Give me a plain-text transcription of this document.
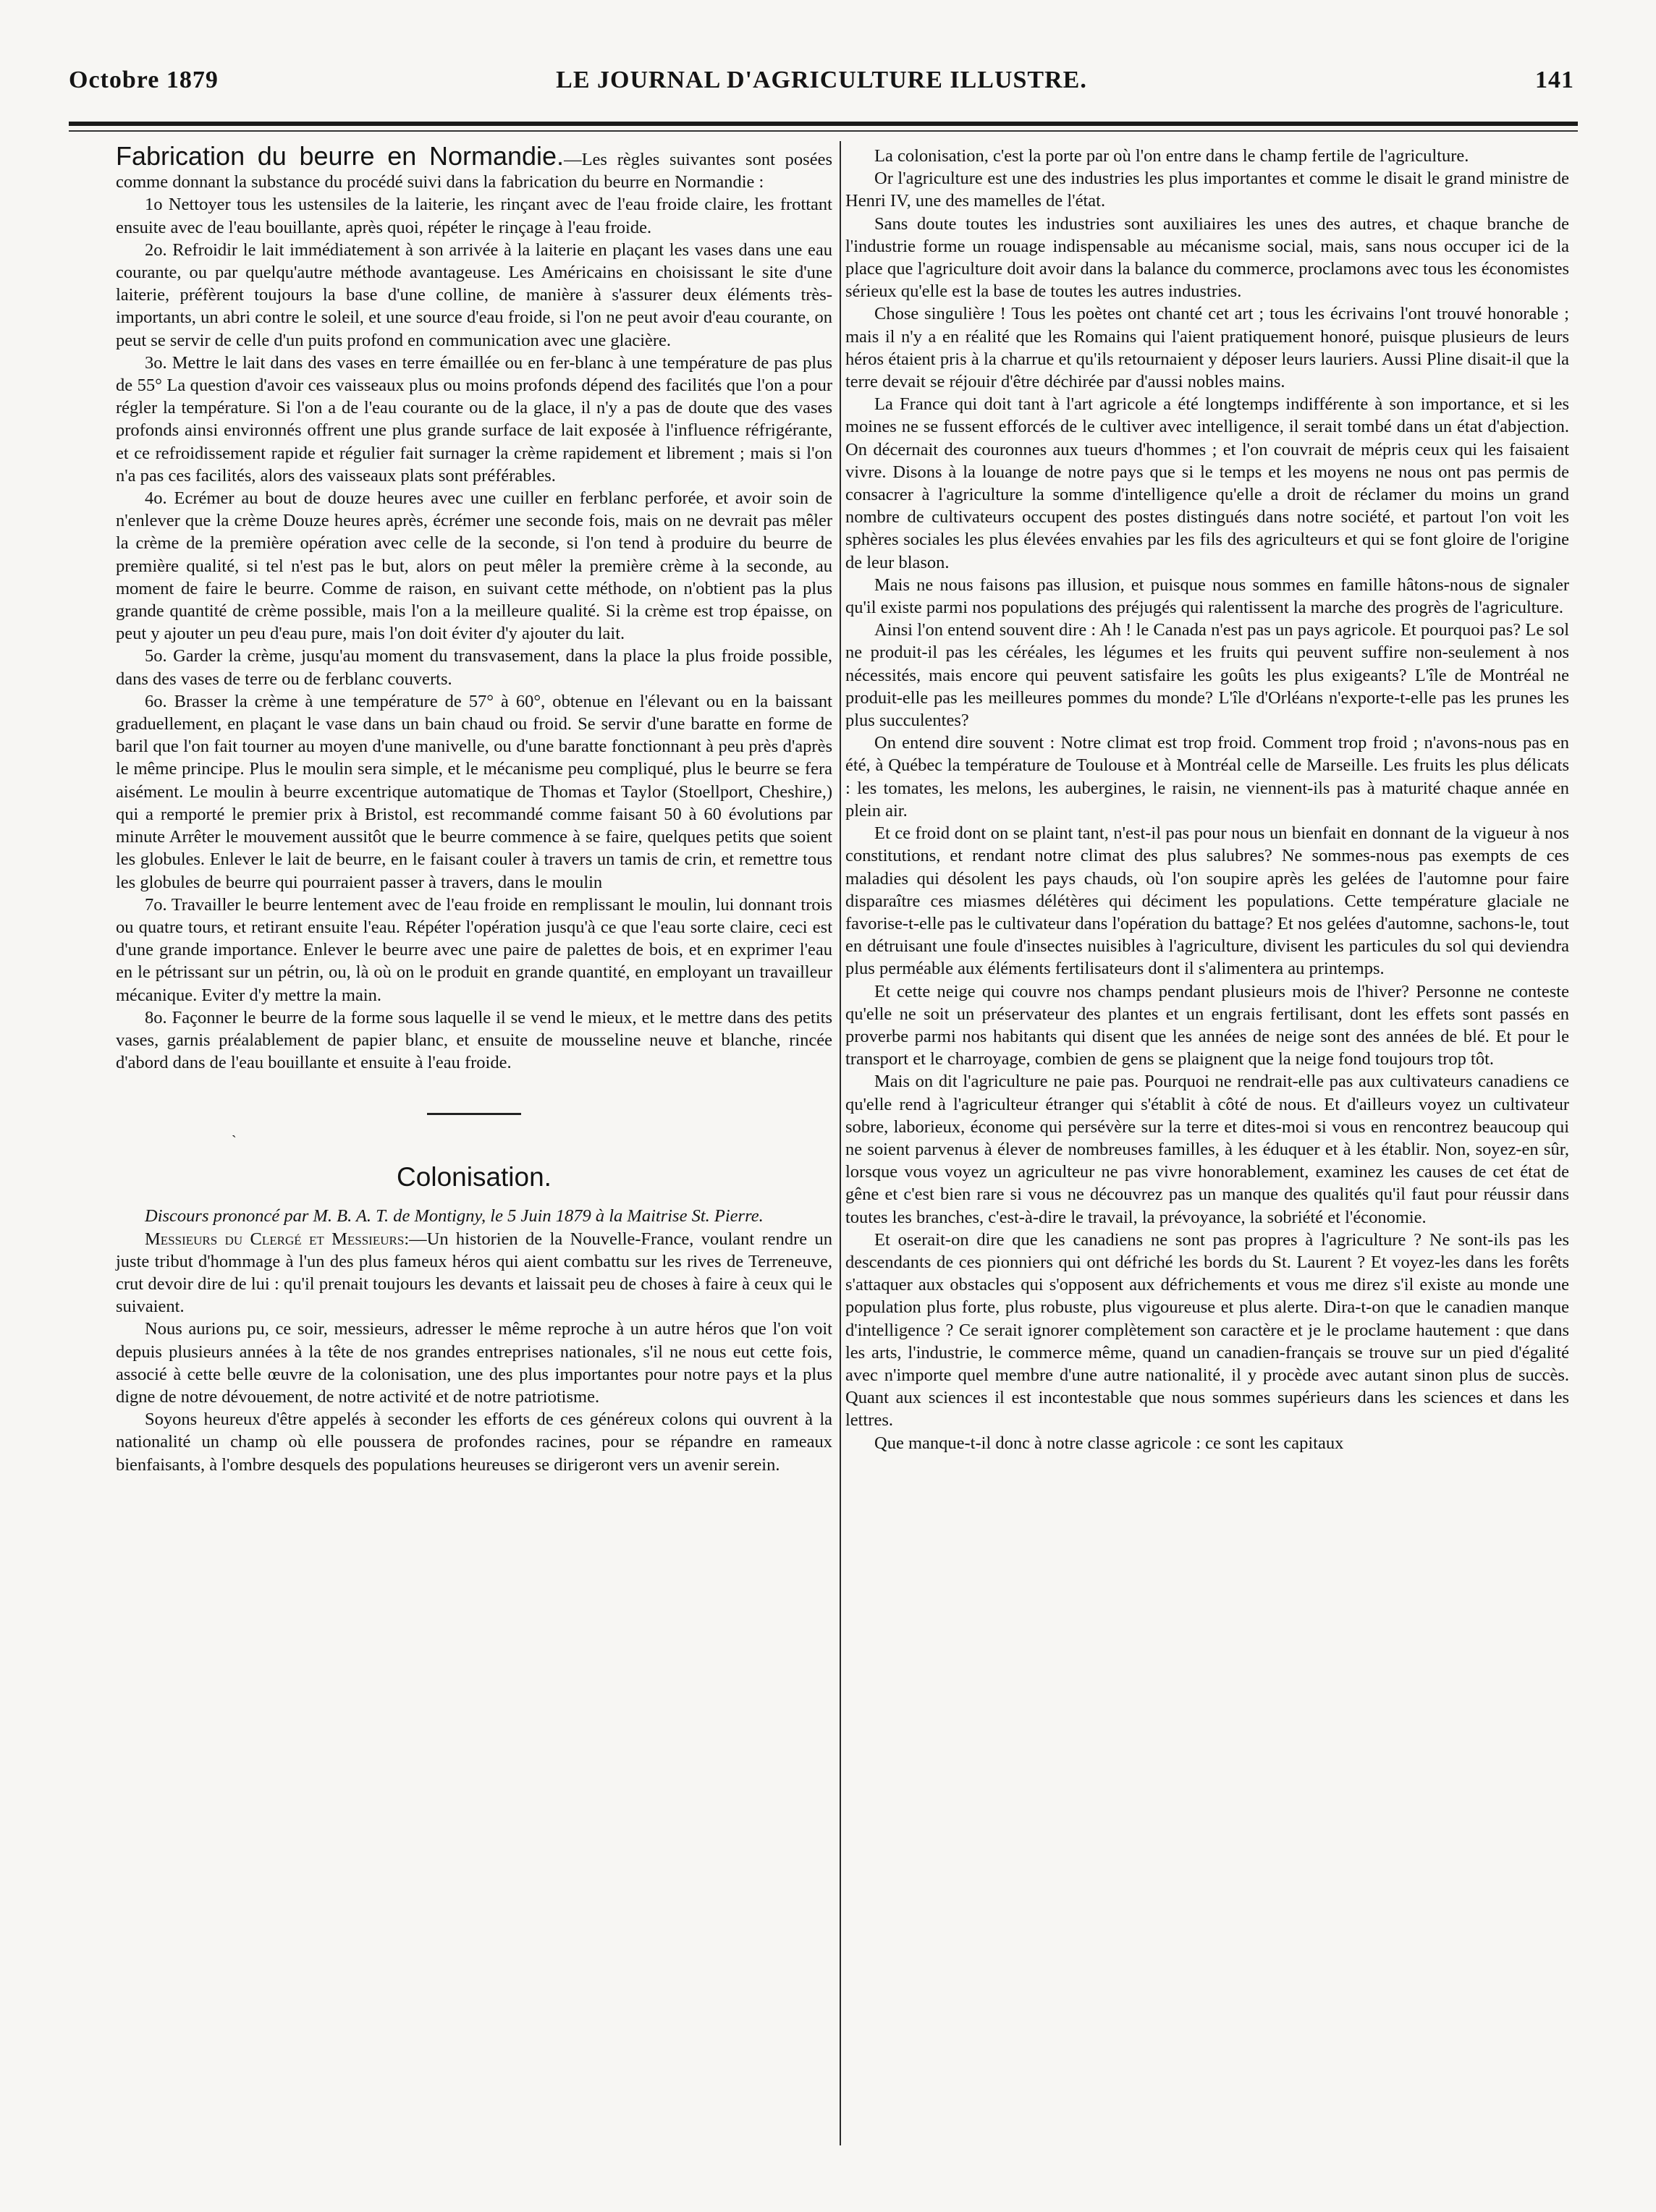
Octobre 1879	LE JOURNAL D'AGRICULTURE ILLUSTRE.	141

Fabrication du beurre en Normandie.—Les règles suivantes sont posées comme donnant la substance du procédé suivi dans la fabrication du beurre en Normandie :

1o Nettoyer tous les ustensiles de la laiterie, les rinçant avec de l'eau froide claire, les frottant ensuite avec de l'eau bouillante, après quoi, répéter le rinçage à l'eau froide.

2o. Refroidir le lait immédiatement à son arrivée à la laiterie en plaçant les vases dans une eau courante, ou par quelqu'autre méthode avantageuse. Les Américains en choisissant le site d'une laiterie, préfèrent toujours la base d'une colline, de manière à s'assurer deux éléments très-importants, un abri contre le soleil, et une source d'eau froide, si l'on ne peut avoir d'eau courante, on peut se servir de celle d'un puits profond en communication avec une glacière.

3o. Mettre le lait dans des vases en terre émaillée ou en fer-blanc à une température de pas plus de 55° La question d'avoir ces vaisseaux plus ou moins profonds dépend des facilités que l'on a pour régler la température. Si l'on a de l'eau courante ou de la glace, il n'y a pas de doute que des vases profonds ainsi environnés offrent une plus grande surface de lait exposée à l'influence réfrigérante, et ce refroidissement rapide et régulier fait surnager la crème rapidement et librement ; mais si l'on n'a pas ces facilités, alors des vaisseaux plats sont préférables.

4o. Ecrémer au bout de douze heures avec une cuiller en ferblanc perforée, et avoir soin de n'enlever que la crème Douze heures après, écrémer une seconde fois, mais on ne devrait pas mêler la crème de la première opération avec celle de la seconde, si l'on tend à produire du beurre de première qualité, si tel n'est pas le but, alors on peut mêler la première crème à la seconde, au moment de faire le beurre. Comme de raison, en suivant cette méthode, on n'obtient pas la plus grande quantité de crème possible, mais l'on a la meilleure qualité. Si la crème est trop épaisse, on peut y ajouter un peu d'eau pure, mais l'on doit éviter d'y ajouter du lait.

5o. Garder la crème, jusqu'au moment du transvasement, dans la place la plus froide possible, dans des vases de terre ou de ferblanc couverts.

6o. Brasser la crème à une température de 57° à 60°, obtenue en l'élevant ou en la baissant graduellement, en plaçant le vase dans un bain chaud ou froid. Se servir d'une baratte en forme de baril que l'on fait tourner au moyen d'une manivelle, ou d'une baratte fonctionnant à peu près d'après le même principe. Plus le moulin sera simple, et le mécanisme peu compliqué, plus le beurre se fera aisément. Le moulin à beurre excentrique automatique de Thomas et Taylor (Stoellport, Cheshire,) qui a remporté le premier prix à Bristol, est recommandé comme faisant 50 à 60 évolutions par minute Arrêter le mouvement aussitôt que le beurre commence à se faire, quelques petits que soient les globules. Enlever le lait de beurre, en le faisant couler à travers un tamis de crin, et remettre tous les globules de beurre qui pourraient passer à travers, dans le moulin

7o. Travailler le beurre lentement avec de l'eau froide en remplissant le moulin, lui donnant trois ou quatre tours, et retirant ensuite l'eau. Répéter l'opération jusqu'à ce que l'eau sorte claire, ceci est d'une grande importance. Enlever le beurre avec une paire de palettes de bois, et en exprimer l'eau en le pétrissant sur un pétrin, ou, là où on le produit en grande quantité, en employant un travailleur mécanique. Eviter d'y mettre la main.

8o. Façonner le beurre de la forme sous laquelle il se vend le mieux, et le mettre dans des petits vases, garnis préalablement de papier blanc, et ensuite de mousseline neuve et blanche, rincée d'abord dans de l'eau bouillante et ensuite à l'eau froide.

`
Colonisation.

Discours prononcé par M. B. A. T. de Montigny, le 5 Juin 1879 à la Maitrise St. Pierre.

Messieurs du Clergé et Messieurs:—Un historien de la Nouvelle-France, voulant rendre un juste tribut d'hommage à l'un des plus fameux héros qui aient combattu sur les rives de Terreneuve, crut devoir dire de lui : qu'il prenait toujours les devants et laissait peu de choses à faire à ceux qui le suivaient.

Nous aurions pu, ce soir, messieurs, adresser le même reproche à un autre héros que l'on voit depuis plusieurs années à la tête de nos grandes entreprises nationales, s'il ne nous eut cette fois, associé à cette belle œuvre de la colonisation, une des plus importantes pour notre pays et la plus digne de notre dévouement, de notre activité et de notre patriotisme.

Soyons heureux d'être appelés à seconder les efforts de ces généreux colons qui ouvrent à la nationalité un champ où elle poussera de profondes racines, pour se répandre en rameaux bienfaisants, à l'ombre desquels des populations heureuses se dirigeront vers un avenir serein.

La colonisation, c'est la porte par où l'on entre dans le champ fertile de l'agriculture.

Or l'agriculture est une des industries les plus importantes et comme le disait le grand ministre de Henri IV, une des mamelles de l'état.

Sans doute toutes les industries sont auxiliaires les unes des autres, et chaque branche de l'industrie forme un rouage indispensable au mécanisme social, mais, sans nous occuper ici de la place que l'agriculture doit avoir dans la balance du commerce, proclamons avec tous les économistes sérieux qu'elle est la base de toutes les autres industries.

Chose singulière ! Tous les poètes ont chanté cet art ; tous les écrivains l'ont trouvé honorable ; mais il n'y a en réalité que les Romains qui l'aient pratiquement honoré, puisque plusieurs de leurs héros étaient pris à la charrue et qu'ils retournaient y déposer leurs lauriers. Aussi Pline disait-il que la terre devait se réjouir d'être déchirée par d'aussi nobles mains.

La France qui doit tant à l'art agricole a été longtemps indifférente à son importance, et si les moines ne se fussent efforcés de le cultiver avec intelligence, il serait tombé dans un état d'abjection. On décernait des couronnes aux tueurs d'hommes ; et l'on couvrait de mépris ceux qui les faisaient vivre. Disons à la louange de notre pays que si le temps et les moyens ne nous ont pas permis de consacrer à l'agriculture la somme d'intelligence qu'elle a droit de réclamer du moins un grand nombre de cultivateurs occupent des postes distingués dans notre société, et partout l'on voit les sphères sociales les plus élevées envahies par les fils des agriculteurs et qui se font gloire de l'origine de leur blason.

Mais ne nous faisons pas illusion, et puisque nous sommes en famille hâtons-nous de signaler qu'il existe parmi nos populations des préjugés qui ralentissent la marche des progrès de l'agriculture.

Ainsi l'on entend souvent dire : Ah ! le Canada n'est pas un pays agricole. Et pourquoi pas? Le sol ne produit-il pas les céréales, les légumes et les fruits qui peuvent suffire non-seulement à nos nécessités, mais encore qui peuvent satisfaire les goûts les plus exigeants? L'île de Montréal ne produit-elle pas les meilleures pommes du monde? L'île d'Orléans n'exporte-t-elle pas les prunes les plus succulentes?

On entend dire souvent : Notre climat est trop froid. Comment trop froid ; n'avons-nous pas en été, à Québec la température de Toulouse et à Montréal celle de Marseille. Les fruits les plus délicats : les tomates, les melons, les aubergines, le raisin, ne viennent-ils pas à maturité chaque année en plein air.

Et ce froid dont on se plaint tant, n'est-il pas pour nous un bienfait en donnant de la vigueur à nos constitutions, et rendant notre climat des plus salubres? Ne sommes-nous pas exempts de ces maladies qui désolent les pays chauds, où l'on soupire après les gelées de l'automne pour faire disparaître ces miasmes délétères qui déciment les populations. Cette température glaciale ne favorise-t-elle pas le cultivateur dans l'opération du battage? Et nos gelées d'automne, sachons-le, tout en détruisant une foule d'insectes nuisibles à l'agriculture, divisent les particules du sol qui deviendra plus perméable aux éléments fertilisateurs dont il s'alimentera au printemps.

Et cette neige qui couvre nos champs pendant plusieurs mois de l'hiver? Personne ne conteste qu'elle ne soit un préservateur des plantes et un engrais fertilisant, dont les effets sont passés en proverbe parmi nos habitants qui disent que les années de neige sont des années de blé. Et pour le transport et le charroyage, combien de gens se plaignent que la neige fond toujours trop tôt.

Mais on dit l'agriculture ne paie pas. Pourquoi ne rendrait-elle pas aux cultivateurs canadiens ce qu'elle rend à l'agriculteur étranger qui s'établit à côté de nous. Et d'ailleurs voyez un cultivateur sobre, laborieux, économe qui persévère sur la terre et dites-moi si vous en rencontrez beaucoup qui ne soient parvenus à élever de nombreuses familles, à les éduquer et à les établir. Non, soyez-en sûr, lorsque vous voyez un agriculteur ne pas vivre honorablement, examinez les causes de cet état de gêne et c'est bien rare si vous ne découvrez pas un manque des qualités qu'il faut pour réussir dans toutes les branches, c'est-à-dire le travail, la prévoyance, la sobriété et l'économie.

Et oserait-on dire que les canadiens ne sont pas propres à l'agriculture ? Ne sont-ils pas les descendants de ces pionniers qui ont défriché les bords du St. Laurent ? Et voyez-les dans les forêts s'attaquer aux obstacles qui s'opposent aux défrichements et vous me direz s'il existe au monde une population plus forte, plus robuste, plus vigoureuse et plus alerte. Dira-t-on que le canadien manque d'intelligence ? Ce serait ignorer complètement son caractère et je le proclame hautement : que dans les arts, l'industrie, le commerce même, quand un canadien-français se trouve sur un pied d'égalité avec n'importe quel membre d'une autre nationalité, il y procède avec autant sinon plus de succès. Quant aux sciences il est incontestable que nous sommes supérieurs dans les sciences et dans les lettres.

Que manque-t-il donc à notre classe agricole : ce sont les capitaux
